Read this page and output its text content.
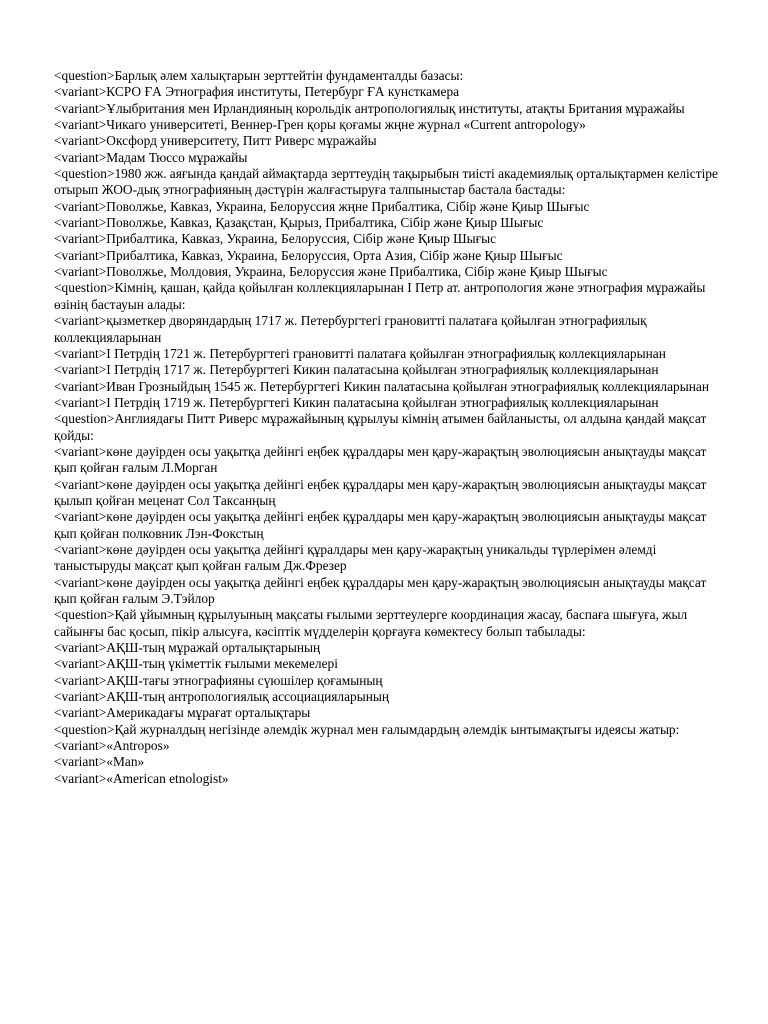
<question>Барлық әлем халықтарын зерттейтін фундаменталды базасы:
<variant>КСРО ҒА Этнография институты, Петербург ҒА кунсткамера
<variant>Ұлыбритания мен Ирландияның корольдік антропологиялық институты, атақты Британия мұражайы
<variant>Чикаго университеті, Веннер-Грен қоры қоғамы жңне журнал «Current antropology»
<variant>Оксфорд университету, Питт Риверс мұражайы
<variant>Мадам Тюссо мұражайы
<question>1980 жж. аяғында қандай аймақтарда зерттеудің тақырыбын тиісті академиялық орталықтармен келістіре отырып ЖОО-дық этнографияның дәстүрін жалғастыруға талпыныстар бастала бастады:
<variant>Поволжье, Кавказ, Украина, Белоруссия жңне Прибалтика, Сібір және Қиыр Шығыс
<variant>Поволжье, Кавказ, Қазақстан, Қырыз, Прибалтика, Сібір және Қиыр Шығыс
<variant>Прибалтика, Кавказ, Украина, Белоруссия, Сібір және Қиыр Шығыс
<variant>Прибалтика, Кавказ, Украина, Белоруссия, Орта Азия, Сібір және Қиыр Шығыс
<variant>Поволжье, Молдовия, Украина, Белоруссия және Прибалтика, Сібір және Қиыр Шығыс
<question>Кімнің, қашан, қайда қойылған коллекцияларынан І Петр ат. антропология және этнография мұражайы өзінің бастауын алады:
<variant>қызметкер дворяндардың 1717 ж. Петербургтегі грановитті палатаға қойылған этнографиялық коллекцияларынан
<variant>І Петрдің 1721 ж. Петербургтегі грановитті палатаға қойылған этнографиялық коллекцияларынан
<variant>І Петрдің 1717 ж. Петербургтегі Кикин палатасына қойылған этнографиялық коллекцияларынан
<variant>Иван Грозныйдың 1545 ж. Петербургтегі Кикин палатасына қойылған этнографиялық коллекцияларынан
<variant>І Петрдің 1719 ж. Петербургтегі Кикин палатасына қойылған этнографиялық коллекцияларынан
<question>Англиядағы Питт Риверс мұражайының құрылуы кімнің атымен байланысты, ол алдына қандай мақсат қойды:
<variant>көне дәуірден осы уақытқа дейінгі еңбек құралдары мен қару-жарақтың эволюциясын анықтауды мақсат қып қойған ғалым Л.Морган
<variant>көне дәуірден осы уақытқа дейінгі еңбек құралдары мен қару-жарақтың эволюциясын анықтауды мақсат қылып қойған меценат Сол Таксанңың
<variant>көне дәуірден осы уақытқа дейінгі еңбек құралдары мен қару-жарақтың эволюциясын анықтауды мақсат қып қойған полковник Лэн-Фокстың
<variant>көне дәуірден осы уақытқа дейінгі құралдары мен қару-жарақтың уникальды түрлерімен әлемді таныстыруды мақсат қып қойған ғалым Дж.Фрезер
<variant>көне дәуірден осы уақытқа дейінгі еңбек құралдары мен қару-жарақтың эволюциясын анықтауды мақсат қып қойған ғалым Э.Тэйлор
<question>Қай ұйымның құрылуының мақсаты ғылыми зерттеулерге координация жасау, баспаға шығуға, жыл сайынғы бас қосып, пікір алысуға, кәсіптік мүдделерін қорғауға көмектесу болып табылады:
<variant>АҚШ-тың мұражай орталықтарының
<variant>АҚШ-тың үкіметтік ғылыми мекемелері
<variant>АҚШ-тағы этнографияны сүюшілер қоғамының
<variant>АҚШ-тың антропологиялық ассоциацияларының
<variant>Америкадағы мұрағат орталықтары
<question>Қай журналдың негізінде әлемдік журнал мен ғалымдардың әлемдік ынтымақтығы идеясы жатыр:
<variant>«Antropos»
<variant>«Man»
<variant>«American etnologist»
